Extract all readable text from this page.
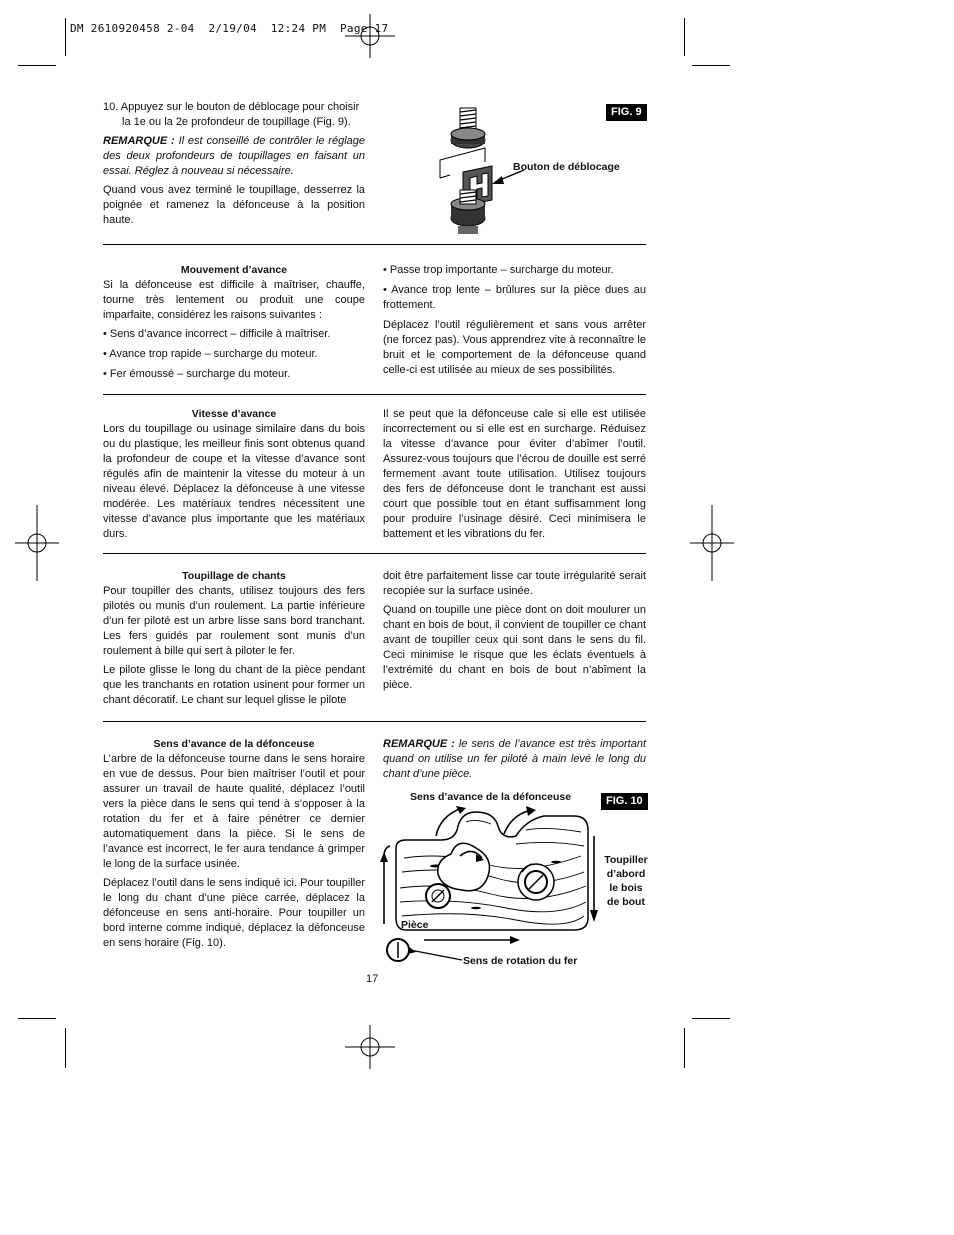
DM 2610920458 2-04  2/19/04  12:24 PM  Page 17
10. Appuyez sur le bouton de déblocage pour choisir
la 1e ou la 2e profondeur de toupillage (Fig. 9).

REMARQUE : Il est conseillé de contrôler le réglage des deux profondeurs de toupillages en faisant un essai. Réglez à nouveau si nécessaire.

Quand vous avez terminé le toupillage, desserrez la poignée et ramenez la défonceuse à la position haute.

FIG. 9
Bouton de déblocage
Mouvement d’avance

Si la défonceuse est difficile à maîtriser, chauffe, tourne très lentement ou produit une coupe imparfaite, considérez les raisons suivantes :

• Sens d’avance incorrect – difficile à maîtriser.
• Avance trop rapide – surcharge du moteur.
• Fer émoussé – surcharge du moteur.
• Passe trop importante – surcharge du moteur.
• Avance trop lente – brûlures sur la pièce dues au frottement.

Déplacez l’outil régulièrement et sans vous arrêter (ne forcez pas). Vous apprendrez vite à reconnaître le bruit et le comportement de la défonceuse quand celle-ci est utilisée au mieux de ses possibilités.

Vitesse d’avance

Lors du toupillage ou usinage similaire dans du bois ou du plastique, les meilleur finis sont obtenus quand la profondeur de coupe et la vitesse d’avance sont régulés afin de maintenir la vitesse du moteur à un niveau élevé. Déplacez la défonceuse à une vitesse modérée. Les matériaux tendres nécessitent une vitesse d’avance plus importante que les matériaux durs.

Il se peut que la défonceuse cale si elle est utilisée incorrectement ou si elle est en surcharge. Réduisez la vitesse d’avance pour éviter d’abîmer l’outil. Assurez-vous toujours que l’écrou de douille est serré fermement avant toute utilisation. Utilisez toujours des fers de défonceuse dont le tranchant est aussi court que possible tout en étant suffisamment long pour produire l’usinage désiré. Ceci minimisera le battement et les vibrations du fer.

Toupillage de chants

Pour toupiller des chants, utilisez toujours des fers pilotés ou munis d’un roulement. La partie inférieure d’un fer piloté est un arbre lisse sans bord tranchant. Les fers guidés par roulement sont munis d’un roulement à bille qui sert à piloter le fer.

Le pilote glisse le long du chant de la pièce pendant que les tranchants en rotation usinent pour former un chant décoratif. Le chant sur lequel glisse le pilote

doit être parfaitement lisse car toute irrégularité serait recopiée sur la surface usinée.

Quand on toupille une pièce dont on doit moulurer un chant en bois de bout, il convient de toupiller ce chant avant de toupiller ceux qui sont dans le sens du fil. Ceci minimise le risque que les éclats éventuels à l’extrémité du chant en bois de bout n’abîment la pièce.

Sens d’avance de la défonceuse

L’arbre de la défonceuse tourne dans le sens horaire en vue de dessus. Pour bien maîtriser l’outil et pour assurer un travail de haute qualité, déplacez l’outil vers la pièce dans le sens qui tend à s’opposer à la rotation du fer et à faire pénétrer ce dernier automatiquement dans la pièce. Si le sens de l’avance est incorrect, le fer aura tendance à grimper le long de la surface usinée.

Déplacez l’outil dans le sens indiqué ici. Pour toupiller le long du chant d’une pièce carrée, déplacez la défonceuse en sens anti-horaire. Pour toupiller un bord interne comme indiqué, déplacez la défonceuse en sens horaire (Fig. 10).

REMARQUE : le sens de l’avance est très important quand on utilise un fer piloté à main levé le long du chant d’une pièce.

Sens d’avance de la défonceuse	FIG. 10
Toupiller
d’abord
le bois
de bout
Pièce
Sens de rotation du fer
17
